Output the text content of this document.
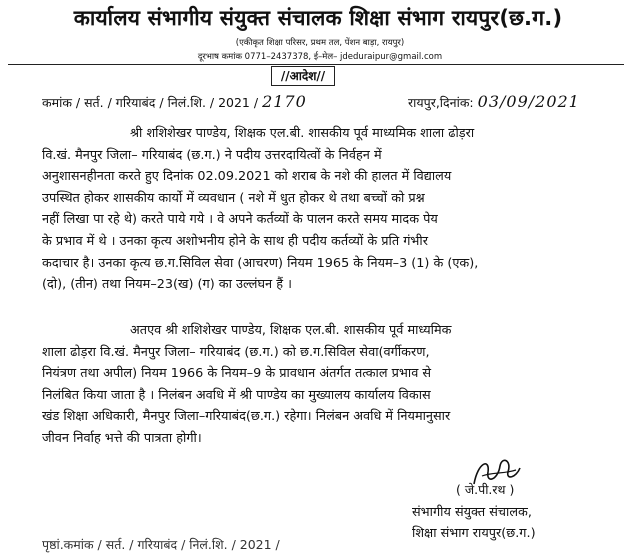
कार्यालय संभागीय संयुक्त संचालक शिक्षा संभाग रायपुर(छ.ग.)
(एकीकृत शिक्षा परिसर, प्रथम तल, पेंशन बाड़ा, रायपुर)
दूरभाष कमांक 0771–2437378, ई–मेल– jdeduraipur@gmail.com
//आदेश//
कमांक / सर्त. / गरियाबंद / निलं.शि. / 2021 / 2170	रायपुर,दिनांक: 03/09/2021
श्री शशिशेखर पाण्डेय, शिक्षक एल.बी. शासकीय पूर्व माध्यमिक शाला ढोड़रा
वि.खं. मैनपुर जिला– गरियाबंद (छ.ग.) ने पदीय उत्तरदायित्वों के निर्वहन में
अनुशासनहीनता करते हुए दिनांक 02.09.2021 को शराब के नशे की हालत में विद्यालय
उपस्थित होकर शासकीय कार्यो में व्यवधान ( नशे में धुत होकर थे तथा बच्चों को प्रश्न
नहीं लिखा पा रहे थे) करते पाये गये । वे अपने कर्तव्यों के पालन करते समय मादक पेय
के प्रभाव में थे । उनका कृत्य अशोभनीय होने के साथ ही पदीय कर्तव्यों के प्रति गंभीर
कदाचार है। उनका कृत्य छ.ग.सिविल सेवा (आचरण) नियम 1965 के नियम–3 (1) के (एक),
(दो), (तीन) तथा नियम–23(ख) (ग) का उल्लंघन हैं ।
अतएव श्री शशिशेखर पाण्डेय, शिक्षक एल.बी. शासकीय पूर्व माध्यमिक
शाला ढोड़रा वि.खं. मैनपुर जिला– गरियाबंद (छ.ग.) को छ.ग.सिविल सेवा(वर्गीकरण,
नियंत्रण तथा अपील) नियम 1966 के नियम–9 के प्रावधान अंतर्गत तत्काल प्रभाव से
निलंबित किया जाता है । निलंबन अवधि में श्री पाण्डेय का मुख्यालय कार्यालय विकास
खंड शिक्षा अधिकारी, मैनपुर जिला–गरियाबंद(छ.ग.) रहेगा। निलंबन अवधि में नियमानुसार
जीवन निर्वाह भत्ते की पात्रता होगी।
( जे.पी.रथ )
संभागीय संयुक्त संचालक,
शिक्षा संभाग रायपुर(छ.ग.)
पृष्ठां.कमांक / सर्त. / गरियाबंद / निलं.शि. / 2021 /
